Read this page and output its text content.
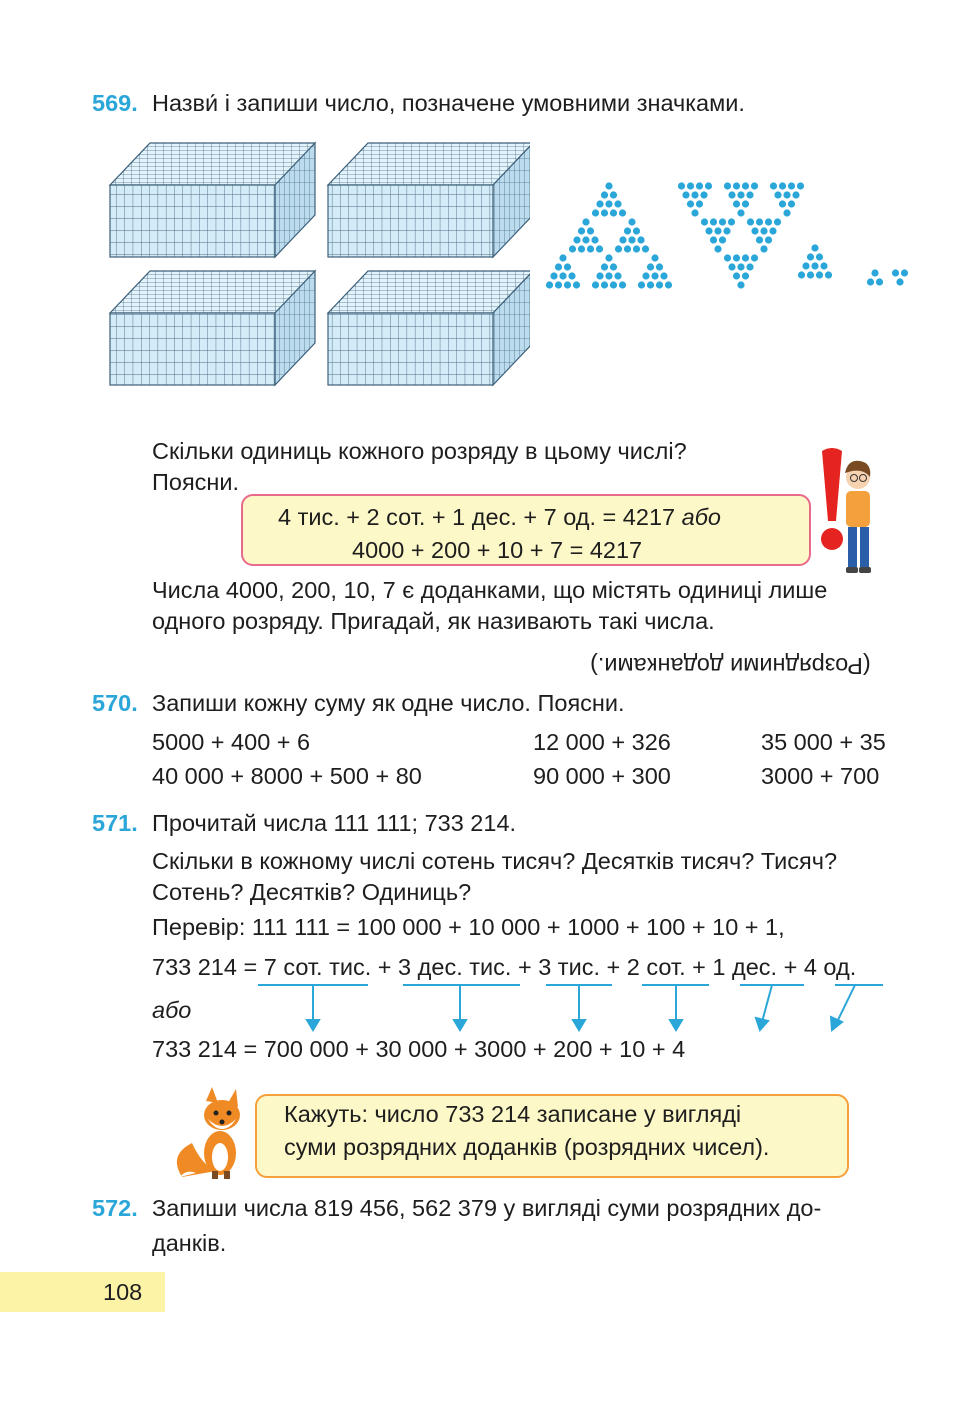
569. Назви́ і запиши число, позначене умовними значками.
Скільки одиниць кожного розряду в цьому числі?
Поясни.
4 тис. + 2 сот. + 1 дес. + 7 од. = 4217 або
4000 + 200 + 10 + 7 = 4217
Числа 4000, 200, 10, 7 є доданками, що містять одиниці лише
одного розряду. Пригадай, як називають такі числа.
(Розрядними доданками.)
570. Запиши кожну суму як одне число. Поясни.
5000 + 400 + 6	12 000 + 326	35 000 + 35
40 000 + 8000 + 500 + 80	90 000 + 300	3000 + 700
571. Прочитай числа 111 111; 733 214.
Скільки в кожному числі сотень тисяч? Десятків тисяч? Тисяч?
Сотень? Десятків? Одиниць?
Перевір: 111 111 = 100 000 + 10 000 + 1000 + 100 + 10 + 1,
733 214 = 7 сот. тис. + 3 дес. тис. + 3 тис. + 2 сот. + 1 дес. + 4 од.
або
733 214 = 700 000 + 30 000 + 3000 + 200 + 10 + 4
Кажуть: число 733 214 записане у вигляді
суми розрядних доданків (розрядних чисел).
572. Запиши числа 819 456, 562 379 у вигляді суми розрядних до-
данків.
108
